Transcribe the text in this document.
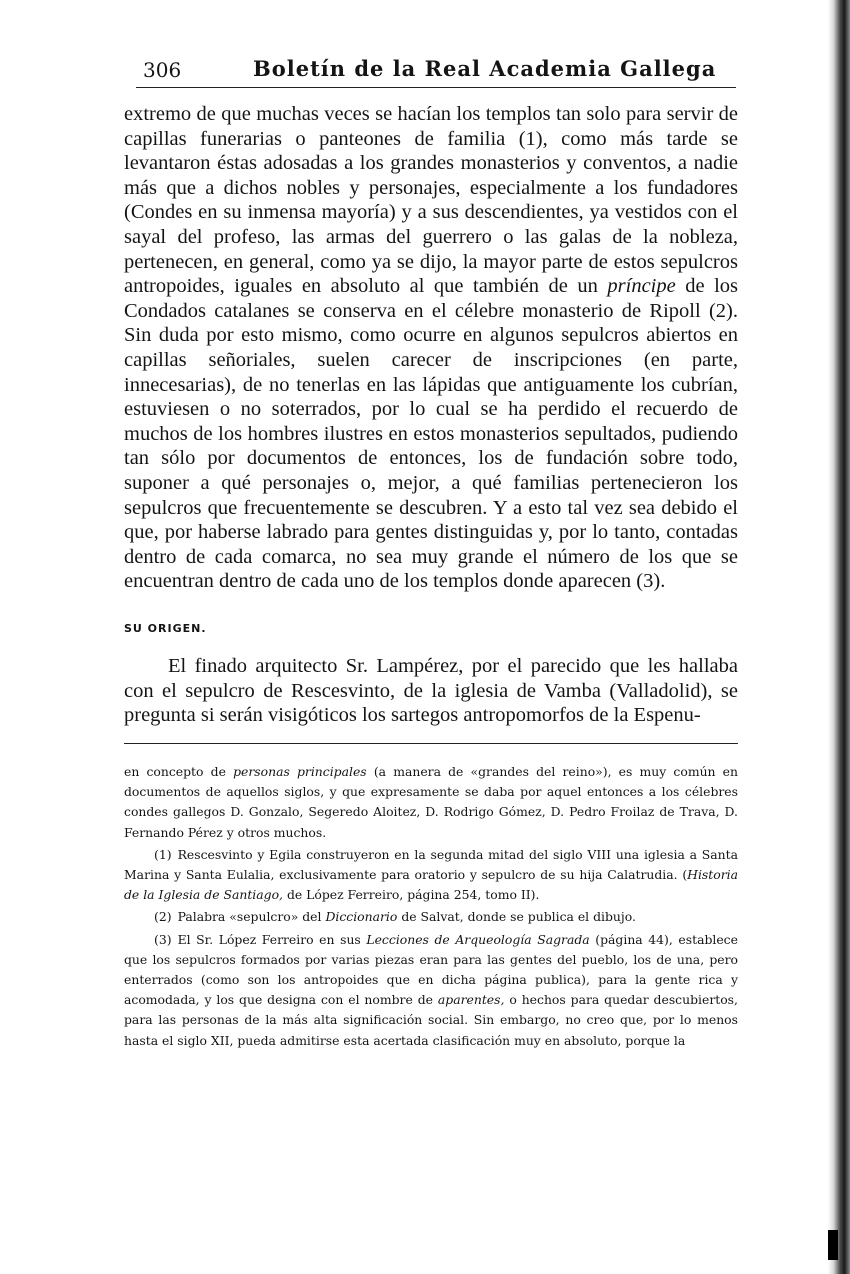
306	Boletín de la Real Academia Gallega

extremo de que muchas veces se hacían los templos tan solo para servir de capillas funerarias o panteones de familia (1), como más tarde se levantaron éstas adosadas a los grandes monasterios y conventos, a nadie más que a dichos nobles y personajes, especialmente a los fundadores (Condes en su inmensa mayoría) y a sus descendientes, ya vestidos con el sayal del profeso, las armas del guerrero o las galas de la nobleza, pertenecen, en general, como ya se dijo, la mayor parte de estos sepulcros antropoides, iguales en absoluto al que también de un príncipe de los Condados catalanes se conserva en el célebre monasterio de Ripoll (2). Sin duda por esto mismo, como ocurre en algunos sepulcros abiertos en capillas señoriales, suelen carecer de inscripciones (en parte, innecesarias), de no tenerlas en las lápidas que antiguamente los cubrían, estuviesen o no soterrados, por lo cual se ha perdido el recuerdo de muchos de los hombres ilustres en estos monasterios sepultados, pudiendo tan sólo por documentos de entonces, los de fundación sobre todo, suponer a qué personajes o, mejor, a qué familias pertenecieron los sepulcros que frecuentemente se descubren. Y a esto tal vez sea debido el que, por haberse labrado para gentes distinguidas y, por lo tanto, contadas dentro de cada comarca, no sea muy grande el número de los que se encuentran dentro de cada uno de los templos donde aparecen (3).

SU ORIGEN.
El finado arquitecto Sr. Lampérez, por el parecido que les hallaba con el sepulcro de Rescesvinto, de la iglesia de Vamba (Valladolid), se pregunta si serán visigóticos los sartegos antropomorfos de la Espenu-

en concepto de personas principales (a manera de «grandes del reino»), es muy común en documentos de aquellos siglos, y que expresamente se daba por aquel entonces a los célebres condes gallegos D. Gonzalo, Segeredo Aloitez, D. Rodrigo Gómez, D. Pedro Froilaz de Trava, D. Fernando Pérez y otros muchos.

(1) Rescesvinto y Egila construyeron en la segunda mitad del siglo VIII una iglesia a Santa Marina y Santa Eulalia, exclusivamente para oratorio y sepulcro de su hija Calatrudia. (Historia de la Iglesia de Santiago, de López Ferreiro, página 254, tomo II).

(2) Palabra «sepulcro» del Diccionario de Salvat, donde se publica el dibujo.

(3) El Sr. López Ferreiro en sus Lecciones de Arqueología Sagrada (página 44), establece que los sepulcros formados por varias piezas eran para las gentes del pueblo, los de una, pero enterrados (como son los antropoides que en dicha página publica), para la gente rica y acomodada, y los que designa con el nombre de aparentes, o hechos para quedar descubiertos, para las personas de la más alta significación social. Sin embargo, no creo que, por lo menos hasta el siglo XII, pueda admitirse esta acertada clasificación muy en absoluto, porque la
